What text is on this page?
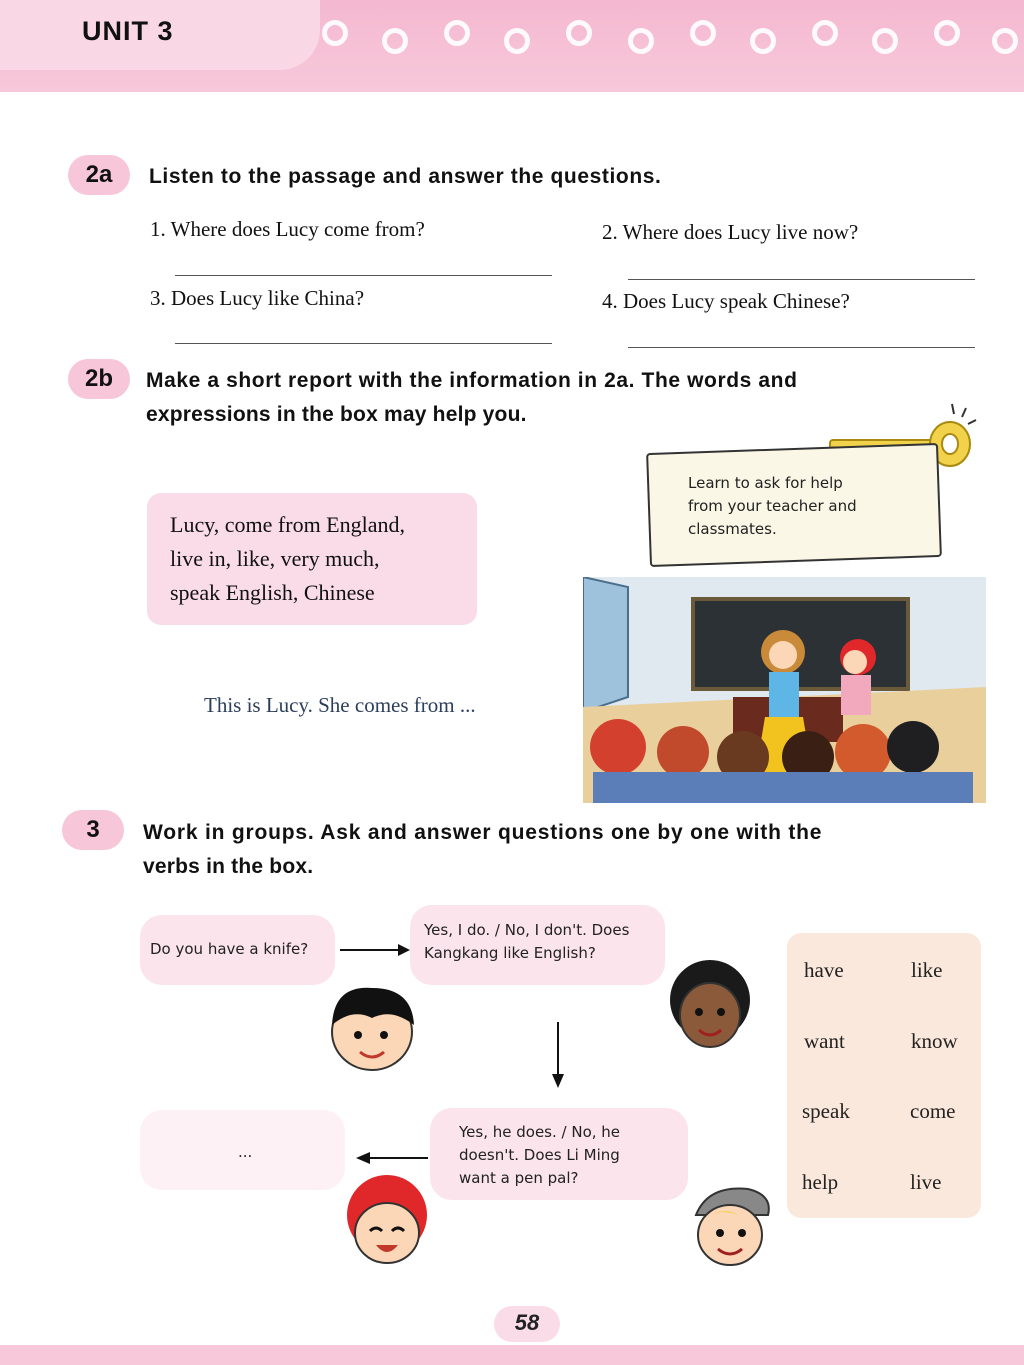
UNIT 3
2a	Listen to the passage and answer the questions.
1. Where does Lucy come from?	2. Where does Lucy live now?
3. Does Lucy like China?	4. Does Lucy speak Chinese?
2b	Make a short report with the information in 2a. The words and
expressions in the box may help you.
Lucy, come from England,
live in, like, very much,
speak English, Chinese
This is Lucy. She comes from ...
Learn to ask for help
from your teacher and
classmates.
3	Work in groups. Ask and answer questions one by one with the
verbs in the box.
Do you have a knife?
Yes, I do. / No, I don't. Does
Kangkang like English?
Yes, he does. / No, he
doesn't. Does Li Ming
want a pen pal?
...
have	like
want	know
speak	come
help	live
58
